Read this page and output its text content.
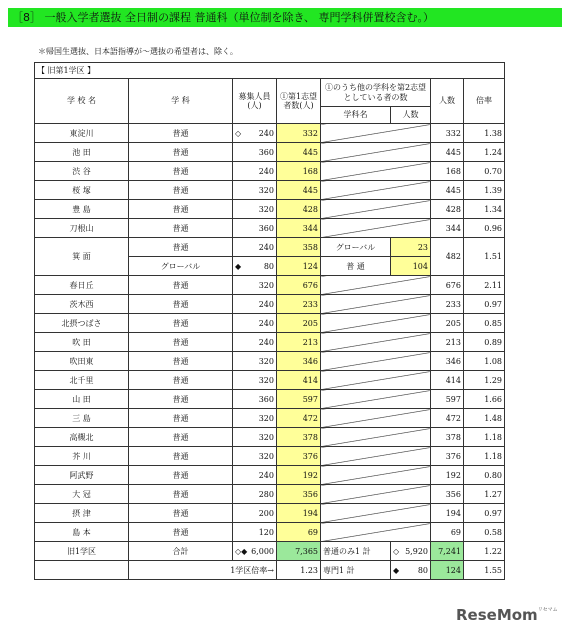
［8］ 一般入学者選抜 全日制の課程 普通科（単位制を除き、 専門学科併置校含む。）
＊帰国生選抜、日本語指導が～選抜の希望者は、除く。
【 旧第1学区 】							
学 校 名	学 科	募集人員(人)	①第1志望者数(人)	①のうち他の学科を第2志望としている者の数		人数	倍率
				学科名	人数		
東淀川	普通	◇ 240	332			332	1.38
池 田	普通	360	445			445	1.24
渋 谷	普通	240	168			168	0.70
桜 塚	普通	320	445			445	1.39
豊 島	普通	320	428			428	1.34
刀根山	普通	360	344			344	0.96
箕 面	普通	240	358	グローバル	23	482	1.51
	グローバル	◆ 80	124	普 通	104		
春日丘	普通	320	676			676	2.11
茨木西	普通	240	233			233	0.97
北摂つばさ	普通	240	205			205	0.85
吹 田	普通	240	213			213	0.89
吹田東	普通	320	346			346	1.08
北千里	普通	320	414			414	1.29
山 田	普通	360	597			597	1.66
三 島	普通	320	472			472	1.48
高槻北	普通	320	378			378	1.18
芥 川	普通	320	376			376	1.18
阿武野	普通	240	192			192	0.80
大 冠	普通	280	356			356	1.27
摂 津	普通	200	194			194	0.97
島 本	普通	120	69			69	0.58
旧1学区	合計	◇◆ 6,000	7,365	普通のみ1 計	◇ 5,920	7,241	1.22
	1学区倍率→		1.23	専門1 計	◆ 80	124	1.55
ReseMom$^{リセマム}$
